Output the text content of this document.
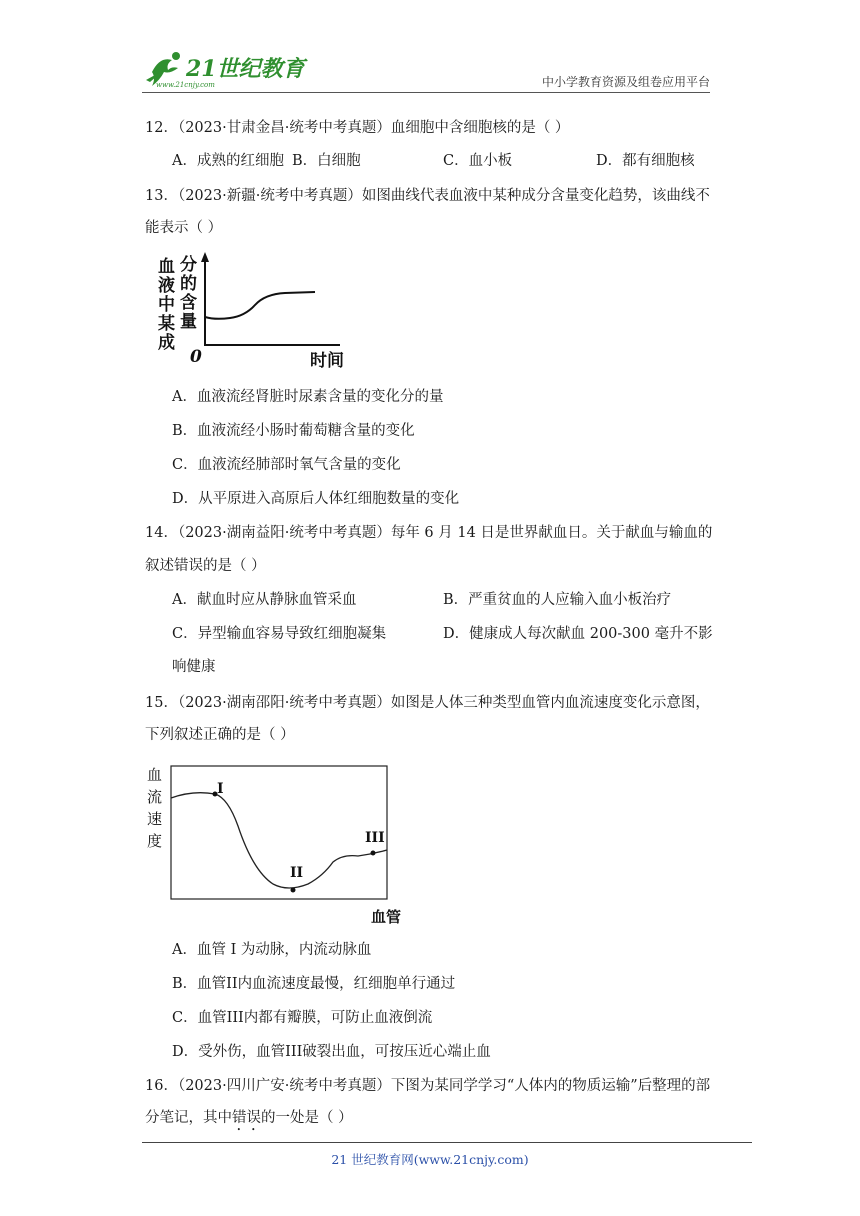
21世纪教育
www.21cnjy.com	中小学教育资源及组卷应用平台
12．（2023·甘肃金昌·统考中考真题）血细胞中含细胞核的是（ ）
A．成熟的红细胞 B．白细胞	C．血小板	D．都有细胞核
13．（2023·新疆·统考中考真题）如图曲线代表血液中某种成分含量变化趋势，该曲线不
能表示（ ）
血
液
中
某
成
分
的
含
量
0	时间
A．血液流经肾脏时尿素含量的变化分的量
B．血液流经小肠时葡萄糖含量的变化
C．血液流经肺部时氧气含量的变化
D．从平原进入高原后人体红细胞数量的变化
14．（2023·湖南益阳·统考中考真题）每年 6 月 14 日是世界献血日。关于献血与输血的
叙述错误的是（ ）
A．献血时应从静脉血管采血	B．严重贫血的人应输入血小板治疗
C．异型输血容易导致红细胞凝集	D．健康成人每次献血 200-300 毫升不影
响健康
15．（2023·湖南邵阳·统考中考真题）如图是人体三种类型血管内血流速度变化示意图，
下列叙述正确的是（ ）
I
II
III
血
流
速
度
血管
A．血管 I 为动脉，内流动脉血
B．血管II内血流速度最慢，红细胞单行通过
C．血管III内都有瓣膜，可防止血液倒流
D．受外伤，血管III破裂出血，可按压近心端止血
16．（2023·四川广安·统考中考真题）下图为某同学学习“人体内的物质运输”后整理的部
分笔记，其中错误的一处是（ ）
21 世纪教育网(www.21cnjy.com)
